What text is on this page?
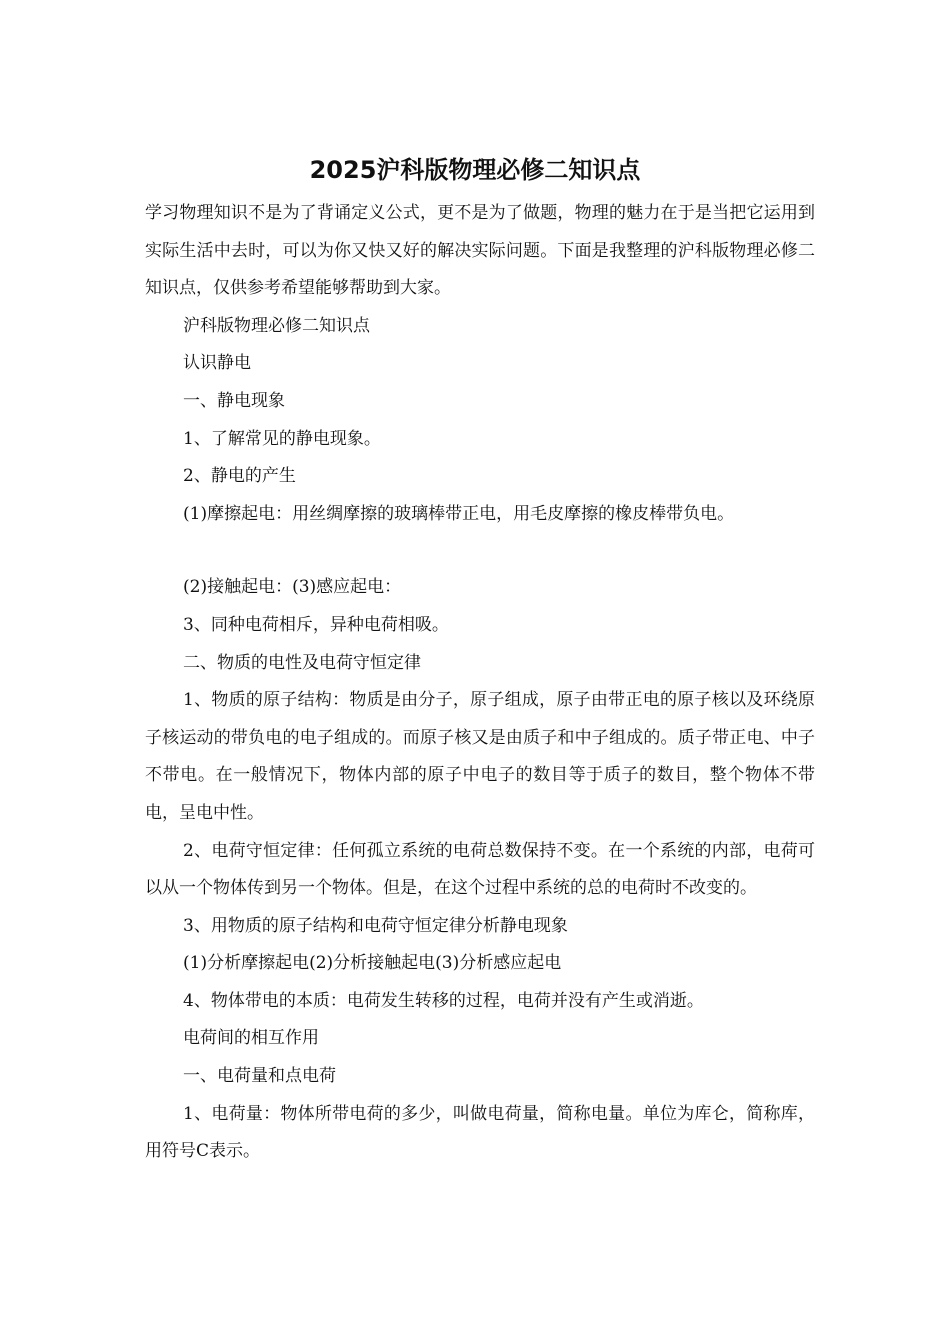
2025沪科版物理必修二知识点

学习物理知识不是为了背诵定义公式，更不是为了做题，物理的魅力在于是当把它运用到实际生活中去时，可以为你又快又好的解决实际问题。下面是我整理的沪科版物理必修二知识点，仅供参考希望能够帮助到大家。

沪科版物理必修二知识点

认识静电

一、静电现象

1、了解常见的静电现象。

2、静电的产生

(1)摩擦起电：用丝绸摩擦的玻璃棒带正电，用毛皮摩擦的橡皮棒带负电。

(2)接触起电：(3)感应起电：

3、同种电荷相斥，异种电荷相吸。

二、物质的电性及电荷守恒定律

1、物质的原子结构：物质是由分子，原子组成，原子由带正电的原子核以及环绕原子核运动的带负电的电子组成的。而原子核又是由质子和中子组成的。质子带正电、中子不带电。在一般情况下，物体内部的原子中电子的数目等于质子的数目，整个物体不带电，呈电中性。

2、电荷守恒定律：任何孤立系统的电荷总数保持不变。在一个系统的内部，电荷可以从一个物体传到另一个物体。但是，在这个过程中系统的总的电荷时不改变的。

3、用物质的原子结构和电荷守恒定律分析静电现象

(1)分析摩擦起电(2)分析接触起电(3)分析感应起电

4、物体带电的本质：电荷发生转移的过程，电荷并没有产生或消逝。

电荷间的相互作用

一、电荷量和点电荷

1、电荷量：物体所带电荷的多少，叫做电荷量，简称电量。单位为库仑，简称库，用符号C表示。
